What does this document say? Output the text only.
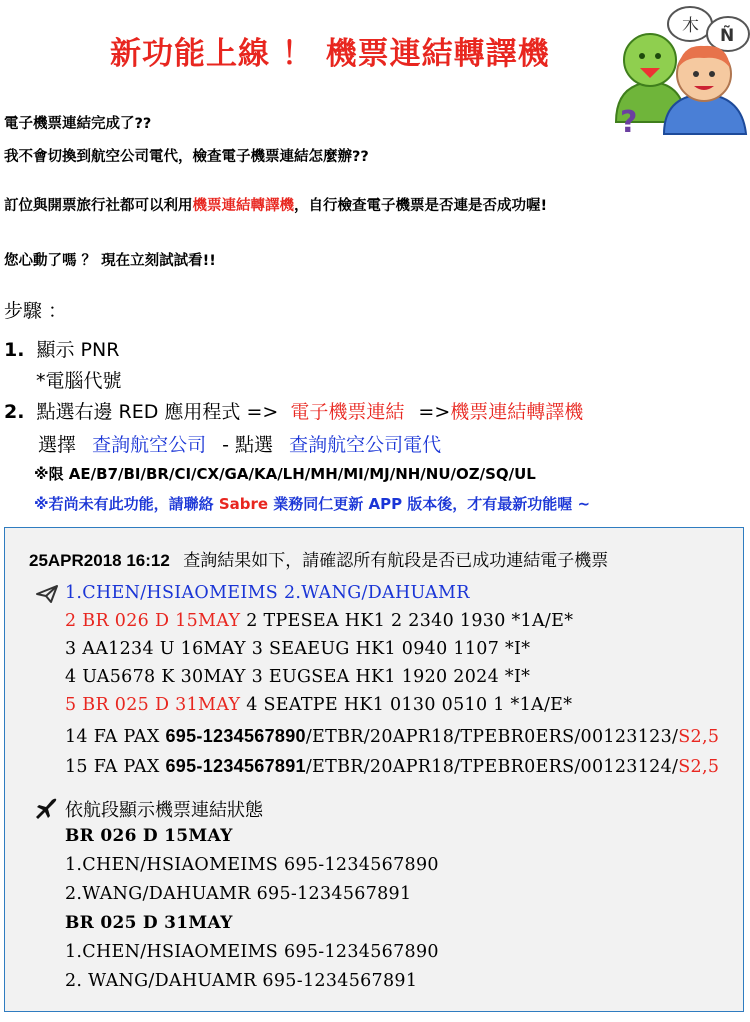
新功能上線 ！ 機票連結轉譯機
木 Ñ
?
電子機票連結完成了??
我不會切換到航空公司電代，檢查電子機票連結怎麼辦??
訂位與開票旅行社都可以利用機票連結轉譯機，自行檢查電子機票是否連是否成功喔!
您心動了嗎 ？ 現在立刻試試看!!
步驟 ：
1. 顯示 PNR
*電腦代號
2. 點選右邊 RED 應用程式 => 電子機票連結 =>機票連結轉譯機
選擇 查詢航空公司 - 點選 查詢航空公司電代
※限 AE/B7/BI/BR/CI/CX/GA/KA/LH/MH/MI/MJ/NH/NU/OZ/SQ/UL
※若尚未有此功能，請聯絡 Sabre 業務同仁更新 APP 版本後，才有最新功能喔 ~
25APR2018 16:12 查詢結果如下，請確認所有航段是否已成功連結電子機票
1.CHEN/HSIAOMEIMS 2.WANG/DAHUAMR
2 BR 026 D 15MAY 2 TPESEA HK1 2 2340 1930 *1A/E*
3 AA1234 U 16MAY 3 SEAEUG HK1 0940 1107 *I*
4 UA5678 K 30MAY 3 EUGSEA HK1 1920 2024 *I*
5 BR 025 D 31MAY 4 SEATPE HK1 0130 0510 1 *1A/E*
14 FA PAX 695-1234567890/ETBR/20APR18/TPEBR0ERS/00123123/S2,5
15 FA PAX 695-1234567891/ETBR/20APR18/TPEBR0ERS/00123124/S2,5
依航段顯示機票連結狀態
BR 026 D 15MAY
1.CHEN/HSIAOMEIMS 695-1234567890
2.WANG/DAHUAMR 695-1234567891
BR 025 D 31MAY
1.CHEN/HSIAOMEIMS 695-1234567890
2. WANG/DAHUAMR 695-1234567891
